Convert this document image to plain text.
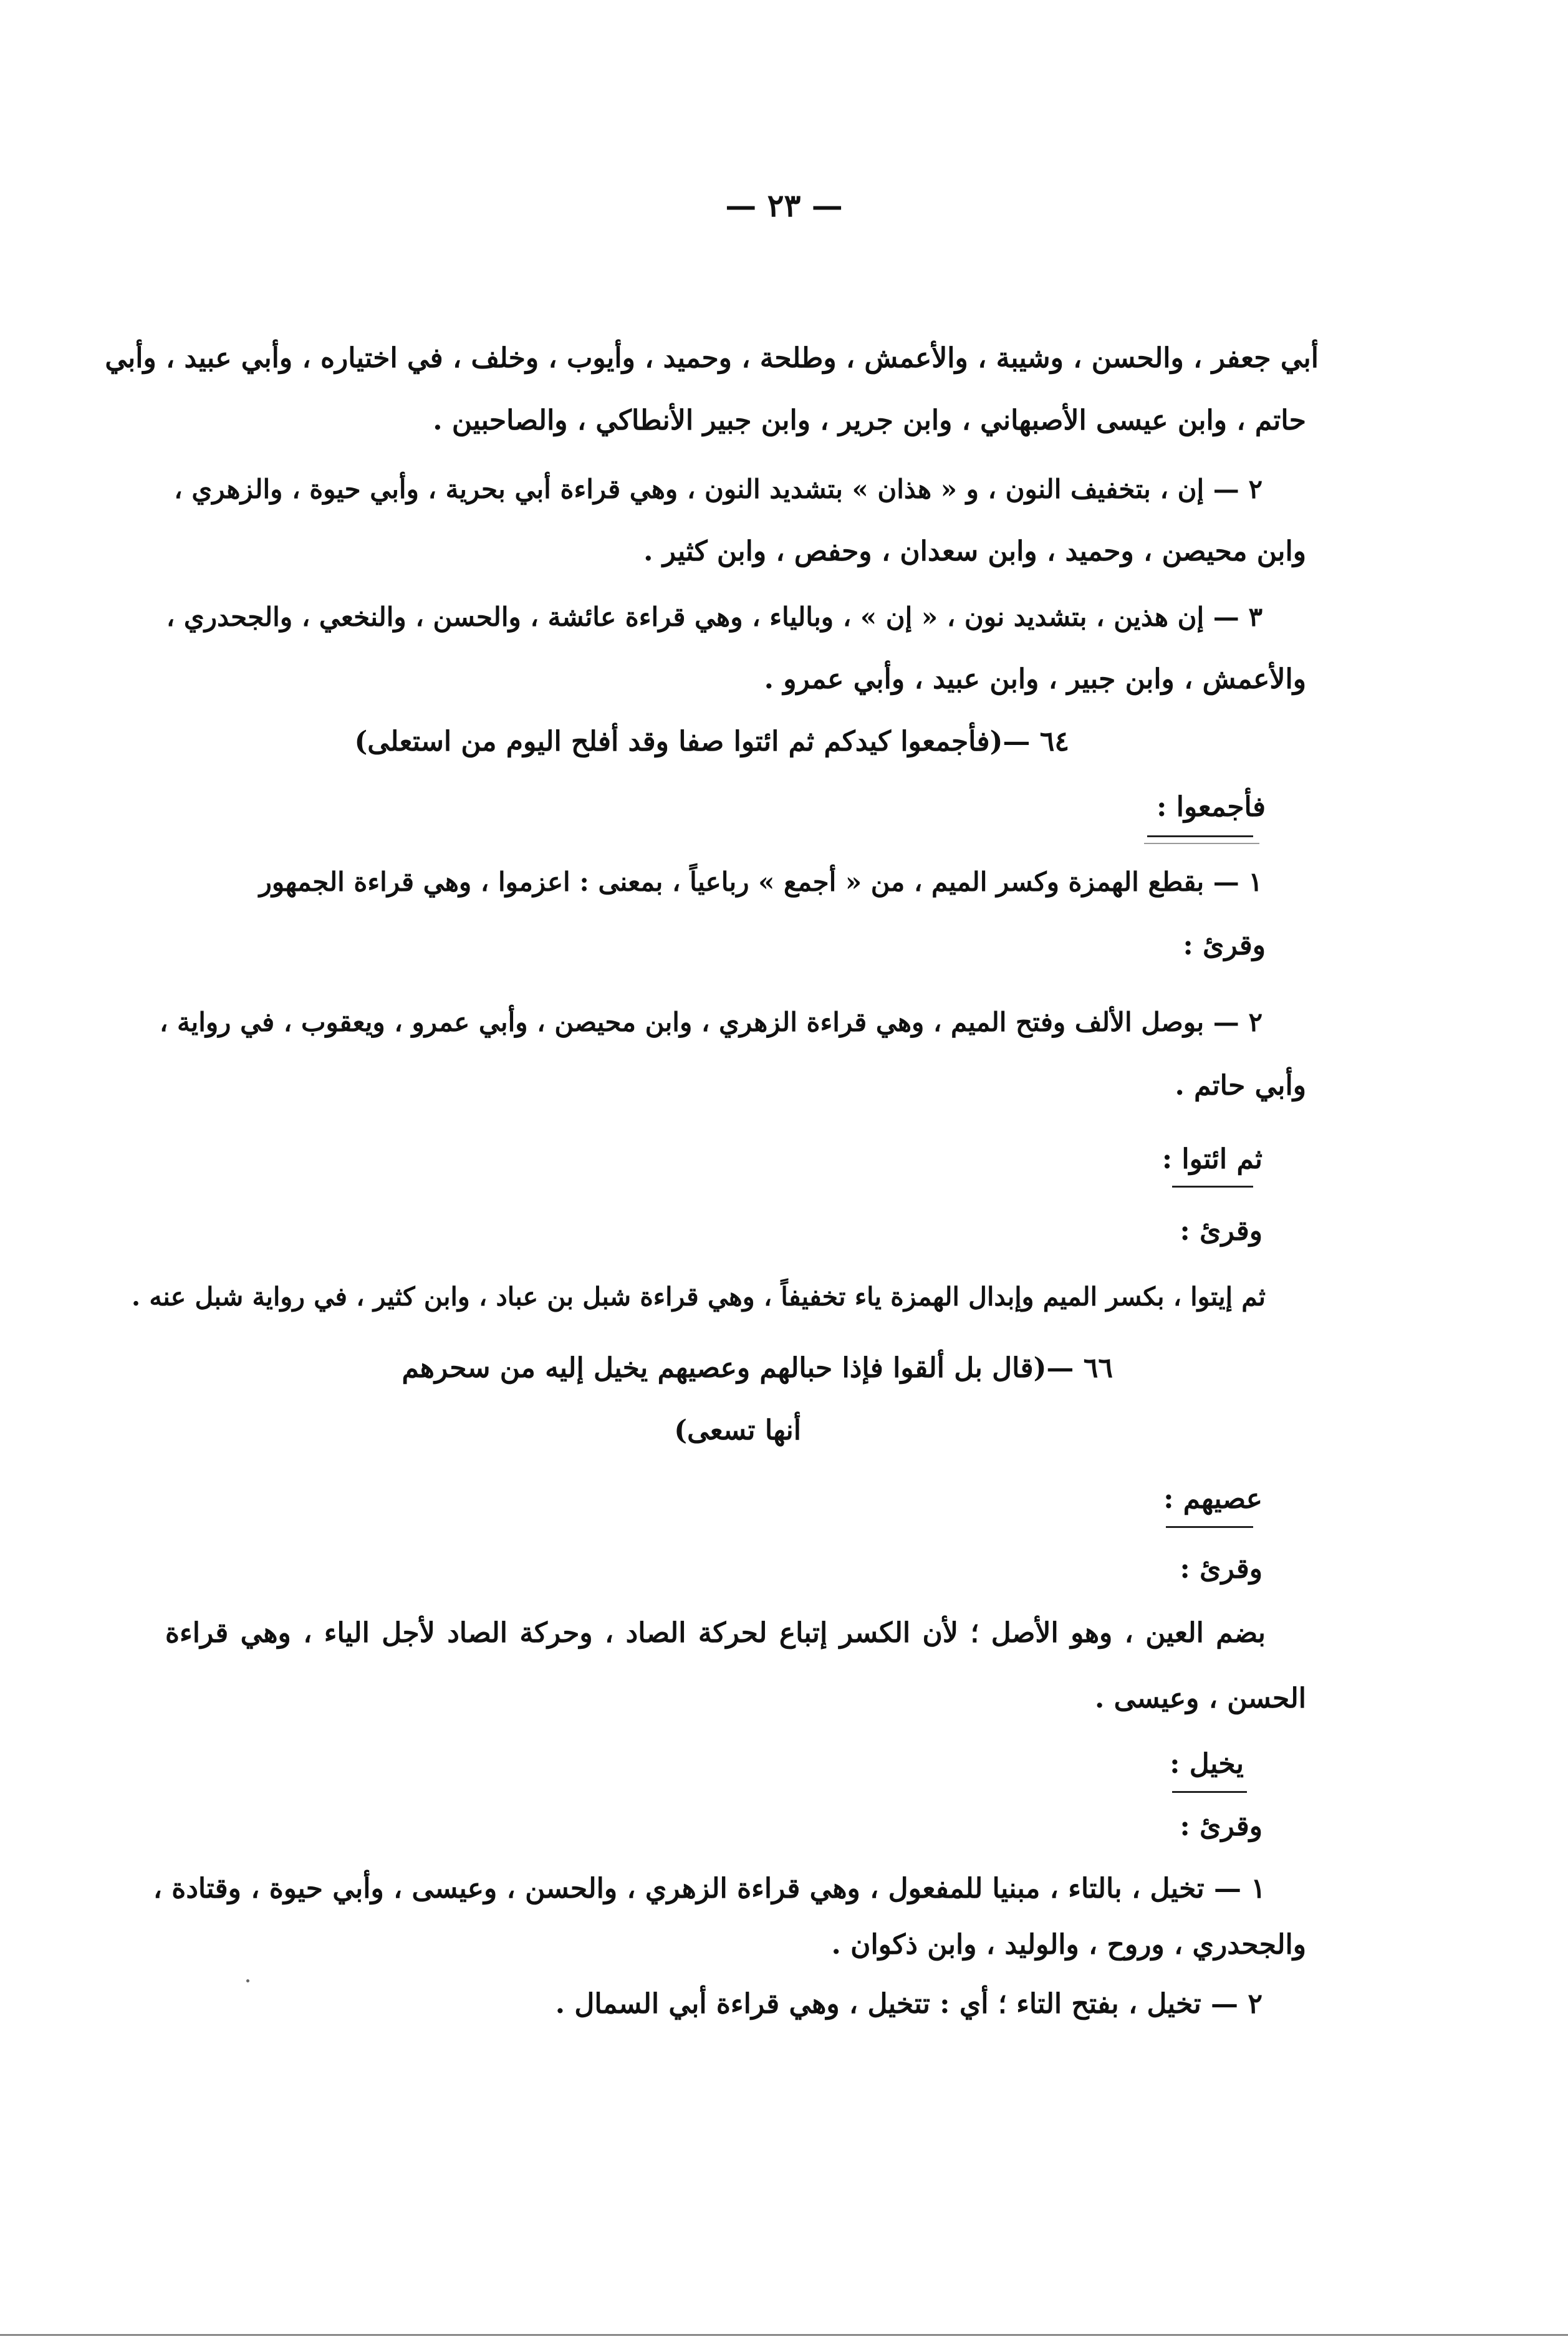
— ٢٣ —
أبي جعفر ، والحسن ، وشيبة ، والأعمش ، وطلحة ، وحميد ، وأيوب ، وخلف ، في اختياره ، وأبي عبيد ، وأبي
حاتم ، وابن عيسى الأصبهاني ، وابن جرير ، وابن جبير الأنطاكي ، والصاحبين .
٢ — إن ، بتخفيف النون ، و « هذان » بتشديد النون ، وهي قراءة أبي بحرية ، وأبي حيوة ، والزهري ،
وابن محيصن ، وحميد ، وابن سعدان ، وحفص ، وابن كثير .
٣ — إن هذين ، بتشديد نون ، « إن » ، وبالياء ، وهي قراءة عائشة ، والحسن ، والنخعي ، والجحدري ،
والأعمش ، وابن جبير ، وابن عبيد ، وأبي عمرو .
٦٤ —(فأجمعوا كيدكم ثم ائتوا صفا وقد أفلح اليوم من استعلى)
فأجمعوا :
١ — بقطع الهمزة وكسر الميم ، من « أجمع » رباعياً ، بمعنى : اعزموا ، وهي قراءة الجمهور
وقرئ :
٢ — بوصل الألف وفتح الميم ، وهي قراءة الزهري ، وابن محيصن ، وأبي عمرو ، ويعقوب ، في رواية ،
وأبي حاتم .
ثم ائتوا :
وقرئ :
ثم إيتوا ، بكسر الميم وإبدال الهمزة ياء تخفيفاً ، وهي قراءة شبل بن عباد ، وابن كثير ، في رواية شبل عنه .
٦٦ —(قال بل ألقوا فإذا حبالهم وعصيهم يخيل إليه من سحرهم
أنها تسعى)
عصيهم :
وقرئ :
بضم العين ، وهو الأصل ؛ لأن الكسر إتباع لحركة الصاد ، وحركة الصاد لأجل الياء ، وهي قراءة
الحسن ، وعيسى .
يخيل :
وقرئ :
١ — تخيل ، بالتاء ، مبنيا للمفعول ، وهي قراءة الزهري ، والحسن ، وعيسى ، وأبي حيوة ، وقتادة ،
والجحدري ، وروح ، والوليد ، وابن ذكوان .
٢ — تخيل ، بفتح التاء ؛ أي : تتخيل ، وهي قراءة أبي السمال .
